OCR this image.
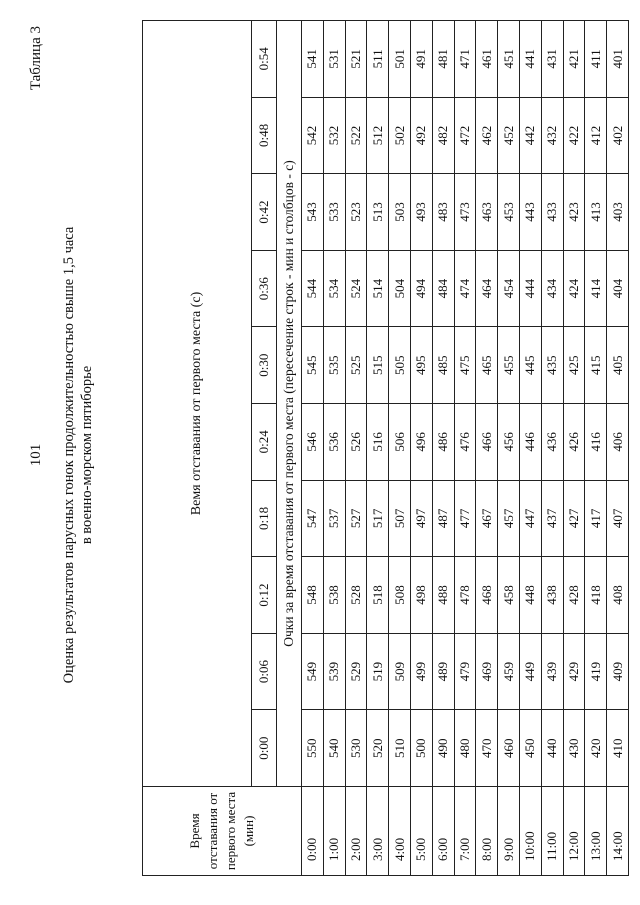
101
Таблица 3
Оценка результатов парусных гонок продолжительностью свыше 1,5 часа в военно-морском пятиборье
Время отставания от первого места (мин)	Вемя отставания от первого места (с)									
	0:00	0:06	0:12	0:18	0:24	0:30	0:36	0:42	0:48	0:54
	Очки за время отставания от первого места (пересечение строк - мин и столбцов - с)									
0:00	550	549	548	547	546	545	544	543	542	541
1:00	540	539	538	537	536	535	534	533	532	531
2:00	530	529	528	527	526	525	524	523	522	521
3:00	520	519	518	517	516	515	514	513	512	511
4:00	510	509	508	507	506	505	504	503	502	501
5:00	500	499	498	497	496	495	494	493	492	491
6:00	490	489	488	487	486	485	484	483	482	481
7:00	480	479	478	477	476	475	474	473	472	471
8:00	470	469	468	467	466	465	464	463	462	461
9:00	460	459	458	457	456	455	454	453	452	451
10:00	450	449	448	447	446	445	444	443	442	441
11:00	440	439	438	437	436	435	434	433	432	431
12:00	430	429	428	427	426	425	424	423	422	421
13:00	420	419	418	417	416	415	414	413	412	411
14:00	410	409	408	407	406	405	404	403	402	401
